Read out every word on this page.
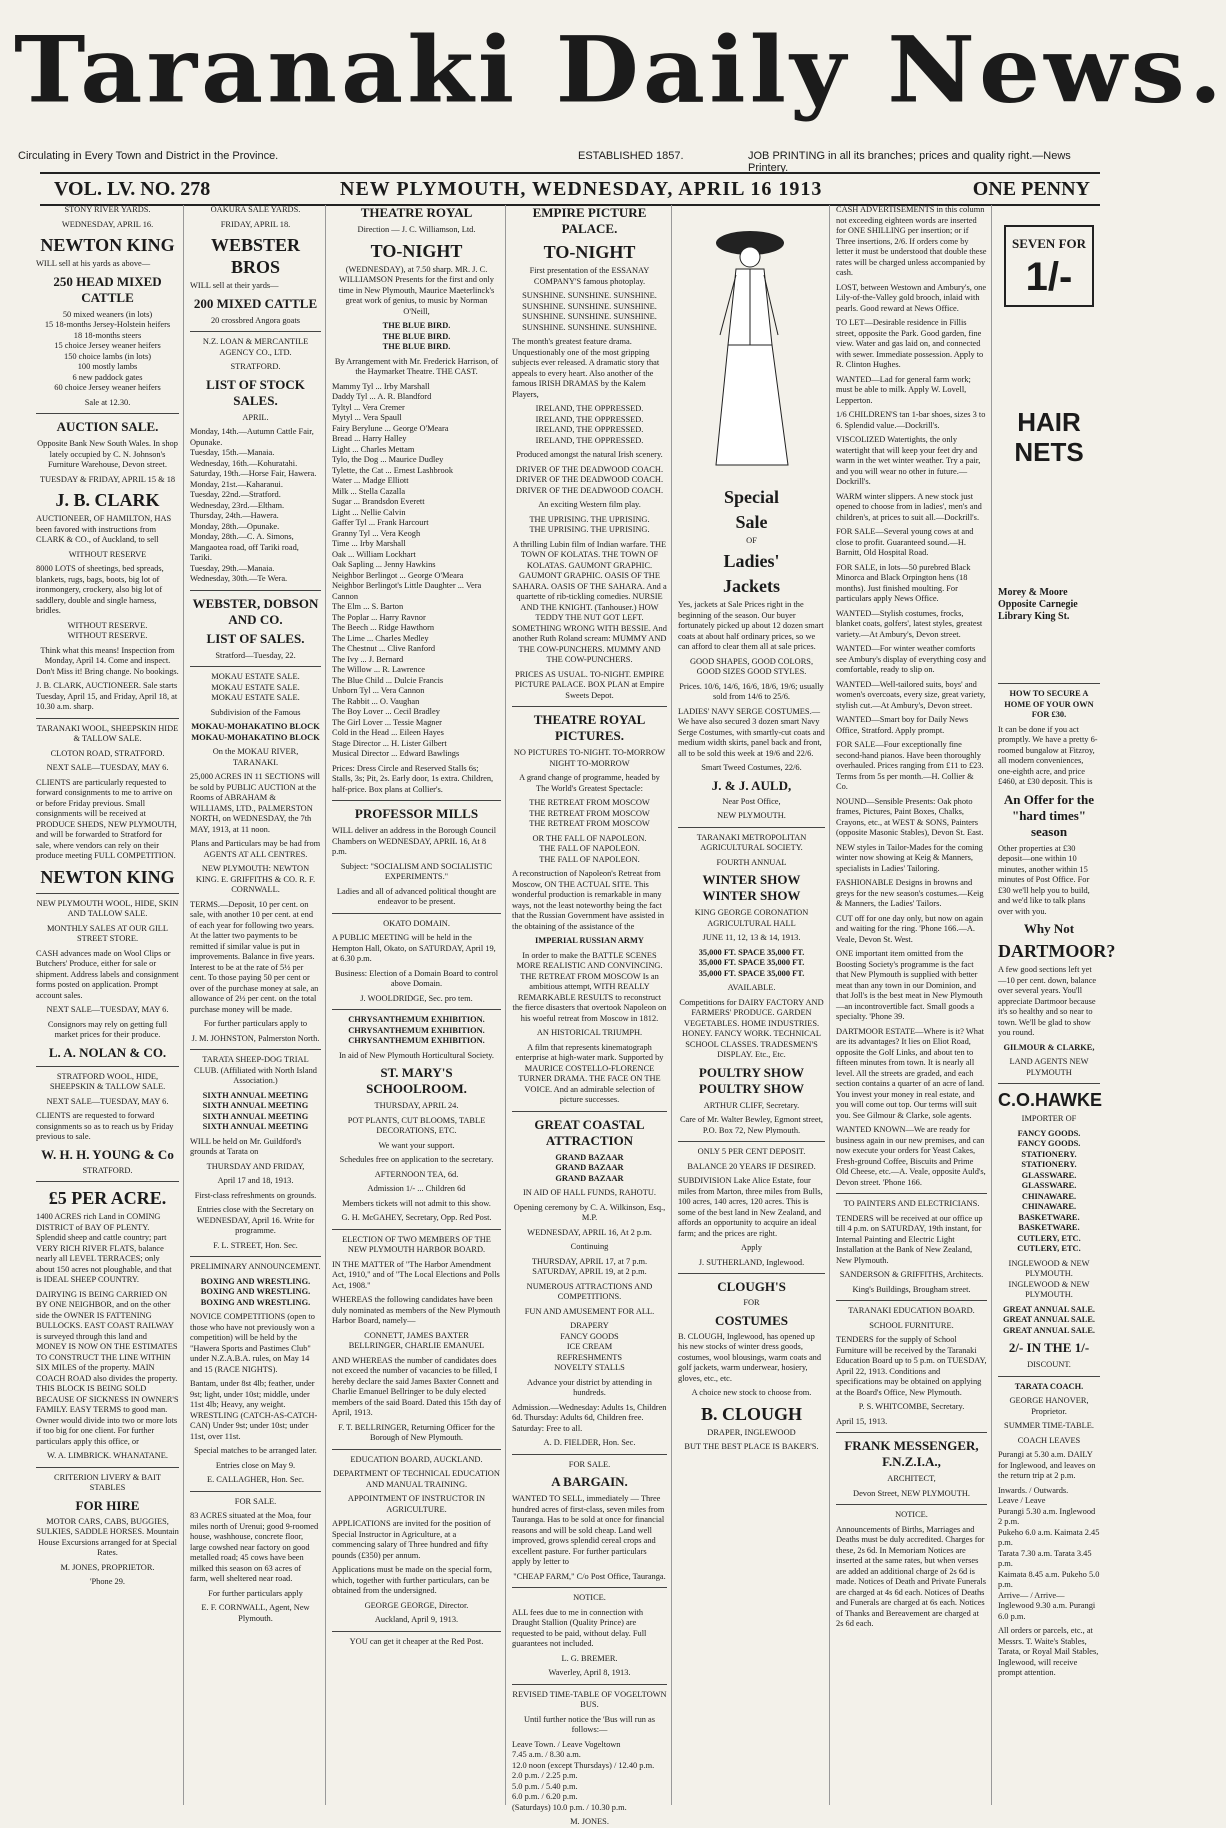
Taranaki Daily News.
Circulating in Every Town and District in the Province.	ESTABLISHED 1857.	JOB PRINTING in all its branches; prices and quality right.—News Printery.
VOL. LV. NO. 278	NEW PLYMOUTH, WEDNESDAY, APRIL 16 1913	ONE PENNY

STONY RIVER YARDS.

WEDNESDAY, APRIL 16.

NEWTON KING

WILL sell at his yards as above—

250 HEAD MIXED CATTLE

50 mixed weaners (in lots)
15 18-months Jersey-Holstein heifers
18 18-months steers
15 choice Jersey weaner heifers
150 choice lambs (in lots)
100 mostly lambs
6 new paddock gates
60 choice Jersey weaner heifers

Sale at 12.30.

AUCTION SALE.

Opposite Bank New South Wales. In shop lately occupied by C. N. Johnson's Furniture Warehouse, Devon street.

TUESDAY & FRIDAY, APRIL 15 & 18

J. B. CLARK

AUCTIONEER, OF HAMILTON, HAS been favored with instructions from CLARK & CO., of Auckland, to sell

WITHOUT RESERVE

8000 LOTS of sheetings, bed spreads, blankets, rugs, bags, boots, big lot of ironmongery, crockery, also big lot of saddlery, double and single harness, bridles.

WITHOUT RESERVE.
WITHOUT RESERVE.

Think what this means! Inspection from Monday, April 14. Come and inspect. Don't Miss it! Bring change. No bookings.

J. B. CLARK, AUCTIONEER. Sale starts Tuesday, April 15, and Friday, April 18, at 10.30 a.m. sharp.

TARANAKI WOOL, SHEEPSKIN HIDE & TALLOW SALE.

CLOTON ROAD, STRATFORD.

NEXT SALE—TUESDAY, MAY 6.

CLIENTS are particularly requested to forward consignments to me to arrive on or before Friday previous. Small consignments will be received at PRODUCE SHEDS, NEW PLYMOUTH, and will be forwarded to Stratford for sale, where vendors can rely on their produce meeting FULL COMPETITION.

NEWTON KING

NEW PLYMOUTH WOOL, HIDE, SKIN AND TALLOW SALE.

MONTHLY SALES AT OUR GILL STREET STORE.

CASH advances made on Wool Clips or Butchers' Produce, either for sale or shipment. Address labels and consignment forms posted on application. Prompt account sales.

NEXT SALE—TUESDAY, MAY 6.

Consignors may rely on getting full market prices for their produce.

L. A. NOLAN & CO.

STRATFORD WOOL, HIDE, SHEEPSKIN & TALLOW SALE.

NEXT SALE—TUESDAY, MAY 6.

CLIENTS are requested to forward consignments so as to reach us by Friday previous to sale.

W. H. H. YOUNG & Co

STRATFORD.

£5 PER ACRE.

1400 ACRES rich Land in COMING DISTRICT of BAY OF PLENTY. Splendid sheep and cattle country; part VERY RICH RIVER FLATS, balance nearly all LEVEL TERRACES; only about 150 acres not ploughable, and that is IDEAL SHEEP COUNTRY.

DAIRYING IS BEING CARRIED ON BY ONE NEIGHBOR, and on the other side the OWNER IS FATTENING BULLOCKS. EAST COAST RAILWAY is surveyed through this land and MONEY IS NOW ON THE ESTIMATES TO CONSTRUCT THE LINE WITHIN SIX MILES of the property. MAIN COACH ROAD also divides the property. THIS BLOCK IS BEING SOLD BECAUSE OF SICKNESS IN OWNER'S FAMILY. EASY TERMS to good man. Owner would divide into two or more lots if too big for one client. For further particulars apply this office, or

W. A. LIMBRICK. WHANATANE.

CRITERION LIVERY & BAIT STABLES

FOR HIRE

MOTOR CARS, CABS, BUGGIES, SULKIES, SADDLE HORSES. Mountain House Excursions arranged for at Special Rates.

M. JONES, PROPRIETOR.

'Phone 29.

OAKURA SALE YARDS.

FRIDAY, APRIL 18.

WEBSTER BROS

WILL sell at their yards—

200 MIXED CATTLE

20 crossbred Angora goats

N.Z. LOAN & MERCANTILE AGENCY CO., LTD.

STRATFORD.

LIST OF STOCK SALES.

APRIL.

Monday, 14th.—Autumn Cattle Fair, Opunake.
Tuesday, 15th.—Manaia.
Wednesday, 16th.—Kohuratahi.
Saturday, 19th.—Horse Fair, Hawera.
Monday, 21st.—Kaharanui.
Tuesday, 22nd.—Stratford.
Wednesday, 23rd.—Eltham.
Thursday, 24th.—Hawera.
Monday, 28th.—Opunake.
Monday, 28th.—C. A. Simons, Mangaotea road, off Tariki road, Tariki.
Tuesday, 29th.—Manaia.
Wednesday, 30th.—Te Wera.

WEBSTER, DOBSON AND CO.

LIST OF SALES.

Stratford—Tuesday, 22.

MOKAU ESTATE SALE.
MOKAU ESTATE SALE.
MOKAU ESTATE SALE.

Subdivision of the Famous

MOKAU-MOHAKATINO BLOCK
MOKAU-MOHAKATINO BLOCK

On the MOKAU RIVER, TARANAKI.

25,000 ACRES IN 11 SECTIONS will be sold by PUBLIC AUCTION at the Rooms of ABRAHAM & WILLIAMS, LTD., PALMERSTON NORTH, on WEDNESDAY, the 7th MAY, 1913, at 11 noon.

Plans and Particulars may be had from AGENTS AT ALL CENTRES.

NEW PLYMOUTH: NEWTON KING. E. GRIFFITHS & CO. R. F. CORNWALL.

TERMS.—Deposit, 10 per cent. on sale, with another 10 per cent. at end of each year for following two years. At the latter two payments to be remitted if similar value is put in improvements. Balance in five years. Interest to be at the rate of 5½ per cent. To those paying 50 per cent or over of the purchase money at sale, an allowance of 2½ per cent. on the total purchase money will be made.

For further particulars apply to

J. M. JOHNSTON, Palmerston North.

TARATA SHEEP-DOG TRIAL CLUB. (Affiliated with North Island Association.)

SIXTH ANNUAL MEETING
SIXTH ANNUAL MEETING
SIXTH ANNUAL MEETING
SIXTH ANNUAL MEETING

WILL be held on Mr. Guildford's grounds at Tarata on

THURSDAY AND FRIDAY,

April 17 and 18, 1913.

First-class refreshments on grounds.

Entries close with the Secretary on WEDNESDAY, April 16. Write for programme.

F. L. STREET, Hon. Sec.

PRELIMINARY ANNOUNCEMENT.

BOXING AND WRESTLING.
BOXING AND WRESTLING.
BOXING AND WRESTLING.

NOVICE COMPETITIONS (open to those who have not previously won a competition) will be held by the "Hawera Sports and Pastimes Club" under N.Z.A.B.A. rules, on May 14 and 15 (RACE NIGHTS).

Bantam, under 8st 4lb; feather, under 9st; light, under 10st; middle, under 11st 4lb; Heavy, any weight. WRESTLING (CATCH-AS-CATCH-CAN) Under 9st; under 10st; under 11st, over 11st.

Special matches to be arranged later.

Entries close on May 9.

E. CALLAGHER, Hon. Sec.

FOR SALE.

83 ACRES situated at the Moa, four miles north of Urenui; good 9-roomed house, washhouse, concrete floor, large cowshed near factory on good metalled road; 45 cows have been milked this season on 63 acres of farm, well sheltered near road.

For further particulars apply

E. F. CORNWALL, Agent, New Plymouth.

THEATRE ROYAL

Direction — J. C. Williamson, Ltd.

TO-NIGHT

(WEDNESDAY), at 7.50 sharp. MR. J. C. WILLIAMSON Presents for the first and only time in New Plymouth, Maurice Maeterlinck's great work of genius, to music by Norman O'Neill,

THE BLUE BIRD.
THE BLUE BIRD.
THE BLUE BIRD.

By Arrangement with Mr. Frederick Harrison, of the Haymarket Theatre. THE CAST.

Mammy Tyl ... Irby Marshall
Daddy Tyl ... A. R. Blandford
Tyltyl ... Vera Cremer
Mytyl ... Vera Spaull
Fairy Berylune ... George O'Meara
Bread ... Harry Halley
Light ... Charles Mettam
Tylo, the Dog ... Maurice Dudley
Tylette, the Cat ... Ernest Lashbrook
Water ... Madge Elliott
Milk ... Stella Cazalla
Sugar ... Brandsdon Everett
Light ... Nellie Calvin
Gaffer Tyl ... Frank Harcourt
Granny Tyl ... Vera Keogh
Time ... Irby Marshall
Oak ... William Lockhart
Oak Sapling ... Jenny Hawkins
Neighbor Berlingot ... George O'Meara
Neighbor Berlingot's Little Daughter ... Vera Cannon
The Elm ... S. Barton
The Poplar ... Harry Ravnor
The Beech ... Ridge Hawthorn
The Lime ... Charles Medley
The Chestnut ... Clive Ranford
The Ivy ... J. Bernard
The Willow ... R. Lawrence
The Blue Child ... Dulcie Francis
Unborn Tyl ... Vera Cannon
The Rabbit ... O. Vaughan
The Boy Lover ... Cecil Bradley
The Girl Lover ... Tessie Magner
Cold in the Head ... Eileen Hayes
Stage Director ... H. Lister Gilbert
Musical Director ... Edward Bawlings

Prices: Dress Circle and Reserved Stalls 6s; Stalls, 3s; Pit, 2s. Early door, 1s extra. Children, half-price. Box plans at Collier's.

PROFESSOR MILLS

WILL deliver an address in the Borough Council Chambers on WEDNESDAY, APRIL 16, At 8 p.m.

Subject: "SOCIALISM AND SOCIALISTIC EXPERIMENTS."

Ladies and all of advanced political thought are endeavor to be present.

OKATO DOMAIN.

A PUBLIC MEETING will be held in the Hempton Hall, Okato, on SATURDAY, April 19, at 6.30 p.m.

Business: Election of a Domain Board to control above Domain.

J. WOOLDRIDGE, Sec. pro tem.

CHRYSANTHEMUM EXHIBITION.
CHRYSANTHEMUM EXHIBITION.
CHRYSANTHEMUM EXHIBITION.

In aid of New Plymouth Horticultural Society.

ST. MARY'S SCHOOLROOM.

THURSDAY, APRIL 24.

POT PLANTS, CUT BLOOMS, TABLE DECORATIONS, ETC.

We want your support.

Schedules free on application to the secretary.

AFTERNOON TEA, 6d.

Admission 1/- ... Children 6d

Members tickets will not admit to this show.

G. H. McGAHEY, Secretary, Opp. Red Post.

ELECTION OF TWO MEMBERS OF THE NEW PLYMOUTH HARBOR BOARD.

IN THE MATTER of "The Harbor Amendment Act, 1910," and of "The Local Elections and Polls Act, 1908."

WHEREAS the following candidates have been duly nominated as members of the New Plymouth Harbor Board, namely—

CONNETT, JAMES BAXTER
BELLRINGER, CHARLIE EMANUEL

AND WHEREAS the number of candidates does not exceed the number of vacancies to be filled, I hereby declare the said James Baxter Connett and Charlie Emanuel Bellringer to be duly elected members of the said Board. Dated this 15th day of April, 1913.

F. T. BELLRINGER, Returning Officer for the Borough of New Plymouth.

EDUCATION BOARD, AUCKLAND.

DEPARTMENT OF TECHNICAL EDUCATION AND MANUAL TRAINING.

APPOINTMENT OF INSTRUCTOR IN AGRICULTURE.

APPLICATIONS are invited for the position of Special Instructor in Agriculture, at a commencing salary of Three hundred and fifty pounds (£350) per annum.

Applications must be made on the special form, which, together with further particulars, can be obtained from the undersigned.

GEORGE GEORGE, Director.

Auckland, April 9, 1913.

YOU can get it cheaper at the Red Post.

EMPIRE PICTURE PALACE.

TO-NIGHT

First presentation of the ESSANAY COMPANY'S famous photoplay.

SUNSHINE. SUNSHINE. SUNSHINE.
SUNSHINE. SUNSHINE. SUNSHINE.
SUNSHINE. SUNSHINE. SUNSHINE.
SUNSHINE. SUNSHINE. SUNSHINE.

The month's greatest feature drama. Unquestionably one of the most gripping subjects ever released. A dramatic story that appeals to every heart. Also another of the famous IRISH DRAMAS by the Kalem Players,

IRELAND, THE OPPRESSED.
IRELAND, THE OPPRESSED.
IRELAND, THE OPPRESSED.
IRELAND, THE OPPRESSED.

Produced amongst the natural Irish scenery.

DRIVER OF THE DEADWOOD COACH.
DRIVER OF THE DEADWOOD COACH.
DRIVER OF THE DEADWOOD COACH.

An exciting Western film play.

THE UPRISING. THE UPRISING.
THE UPRISING. THE UPRISING.

A thrilling Lubin film of Indian warfare. THE TOWN OF KOLATAS. THE TOWN OF KOLATAS. GAUMONT GRAPHIC. GAUMONT GRAPHIC. OASIS OF THE SAHARA. OASIS OF THE SAHARA. And a quartette of rib-tickling comedies. NURSIE AND THE KNIGHT. (Tanhouser.) HOW TEDDY THE NUT GOT LEFT. SOMETHING WRONG WITH BESSIE. And another Ruth Roland scream: MUMMY AND THE COW-PUNCHERS. MUMMY AND THE COW-PUNCHERS.

PRICES AS USUAL. TO-NIGHT. EMPIRE PICTURE PALACE. BOX PLAN at Empire Sweets Depot.

THEATRE ROYAL PICTURES.

NO PICTURES TO-NIGHT. TO-MORROW NIGHT TO-MORROW

A grand change of programme, headed by The World's Greatest Spectacle:

THE RETREAT FROM MOSCOW
THE RETREAT FROM MOSCOW
THE RETREAT FROM MOSCOW

OR THE FALL OF NAPOLEON.
THE FALL OF NAPOLEON.
THE FALL OF NAPOLEON.

A reconstruction of Napoleon's Retreat from Moscow, ON THE ACTUAL SITE. This wonderful production is remarkable in many ways, not the least noteworthy being the fact that the Russian Government have assisted in the obtaining of the assistance of the

IMPERIAL RUSSIAN ARMY

In order to make the BATTLE SCENES MORE REALISTIC AND CONVINCING. THE RETREAT FROM MOSCOW Is an ambitious attempt, WITH REALLY REMARKABLE RESULTS to reconstruct the fierce disasters that overtook Napoleon on his woeful retreat from Moscow in 1812.

AN HISTORICAL TRIUMPH.

A film that represents kinematograph enterprise at high-water mark. Supported by MAURICE COSTELLO-FLORENCE TURNER DRAMA. THE FACE ON THE VOICE. And an admirable selection of picture successes.

GREAT COASTAL ATTRACTION

GRAND BAZAAR
GRAND BAZAAR
GRAND BAZAAR

IN AID OF HALL FUNDS, RAHOTU.

Opening ceremony by C. A. Wilkinson, Esq., M.P.

WEDNESDAY, APRIL 16, At 2 p.m.

Continuing

THURSDAY, APRIL 17, at 7 p.m. SATURDAY, APRIL 19, at 2 p.m.

NUMEROUS ATTRACTIONS AND COMPETITIONS.

FUN AND AMUSEMENT FOR ALL.

DRAPERY
FANCY GOODS
ICE CREAM
REFRESHMENTS
NOVELTY STALLS

Advance your district by attending in hundreds.

Admission.—Wednesday: Adults 1s, Children 6d. Thursday: Adults 6d, Children free. Saturday: Free to all.

A. D. FIELDER, Hon. Sec.

FOR SALE.

A BARGAIN.

WANTED TO SELL, immediately — Three hundred acres of first-class, seven miles from Tauranga. Has to be sold at once for financial reasons and will be sold cheap. Land well improved, grows splendid cereal crops and excellent pasture. For further particulars apply by letter to

"CHEAP FARM," C/o Post Office, Tauranga.

NOTICE.

ALL fees due to me in connection with Draught Stallion (Quality Prince) are requested to be paid, without delay. Full guarantees not included.

L. G. BREMER.

Waverley, April 8, 1913.

REVISED TIME-TABLE OF VOGELTOWN BUS.

Until further notice the 'Bus will run as follows:—

Leave Town. / Leave Vogeltown
7.45 a.m. / 8.30 a.m.
12.0 noon (except Thursdays) / 12.40 p.m.
2.0 p.m. / 2.25 p.m.
5.0 p.m. / 5.40 p.m.
6.0 p.m. / 6.20 p.m.
(Saturdays) 10.0 p.m. / 10.30 p.m.

M. JONES.

Special
Sale

OF

Ladies'
Jackets

Yes, jackets at Sale Prices right in the beginning of the season. Our buyer fortunately picked up about 12 dozen smart coats at about half ordinary prices, so we can afford to clear them all at sale prices.

GOOD SHAPES, GOOD COLORS, GOOD SIZES GOOD STYLES.

Prices. 10/6, 14/6, 16/6, 18/6, 19/6; usually sold from 14/6 to 25/6.

LADIES' NAVY SERGE COSTUMES.—We have also secured 3 dozen smart Navy Serge Costumes, with smartly-cut coats and medium width skirts, panel back and front, all to be sold this week at 19/6 and 22/6.

Smart Tweed Costumes, 22/6.

J. & J. AULD,

Near Post Office,

NEW PLYMOUTH.

TARANAKI METROPOLITAN AGRICULTURAL SOCIETY.

FOURTH ANNUAL

WINTER SHOW
WINTER SHOW

KING GEORGE CORONATION AGRICULTURAL HALL

JUNE 11, 12, 13 & 14, 1913.

35,000 FT. SPACE 35,000 FT.
35,000 FT. SPACE 35,000 FT.
35,000 FT. SPACE 35,000 FT.

AVAILABLE.

Competitions for DAIRY FACTORY AND FARMERS' PRODUCE. GARDEN VEGETABLES. HOME INDUSTRIES. HONEY. FANCY WORK. TECHNICAL SCHOOL CLASSES. TRADESMEN'S DISPLAY. Etc., Etc.

POULTRY SHOW
POULTRY SHOW

ARTHUR CLIFF, Secretary.

Care of Mr. Walter Bewley, Egmont street, P.O. Box 72, New Plymouth.

ONLY 5 PER CENT DEPOSIT.

BALANCE 20 YEARS IF DESIRED.

SUBDIVISION Lake Alice Estate, four miles from Marton, three miles from Bulls, 100 acres, 140 acres, 120 acres. This is some of the best land in New Zealand, and affords an opportunity to acquire an ideal farm; and the prices are right.

Apply

J. SUTHERLAND, Inglewood.

CLOUGH'S

FOR

COSTUMES

B. CLOUGH, Inglewood, has opened up his new stocks of winter dress goods, costumes, wool blousings, warm coats and golf jackets, warm underwear, hosiery, gloves, etc., etc.

A choice new stock to choose from.

B. CLOUGH

DRAPER, INGLEWOOD

BUT THE BEST PLACE IS BAKER'S.

CASH ADVERTISEMENTS in this column not exceeding eighteen words are inserted for ONE SHILLING per insertion; or if Three insertions, 2/6. If orders come by letter it must be understood that double these rates will be charged unless accompanied by cash.

LOST, between Westown and Ambury's, one Lily-of-the-Valley gold brooch, inlaid with pearls. Good reward at News Office.

TO LET—Desirable residence in Fillis street, opposite the Park. Good garden, fine view. Water and gas laid on, and connected with sewer. Immediate possession. Apply to R. Clinton Hughes.

WANTED—Lad for general farm work; must be able to milk. Apply W. Lovell, Lepperton.

1/6 CHILDREN'S tan 1-bar shoes, sizes 3 to 6. Splendid value.—Dockrill's.

VISCOLIZED Watertights, the only watertight that will keep your feet dry and warm in the wet winter weather. Try a pair, and you will wear no other in future.—Dockrill's.

WARM winter slippers. A new stock just opened to choose from in ladies', men's and children's, at prices to suit all.—Dockrill's.

FOR SALE—Several young cows at and close to profit. Guaranteed sound.—H. Barnitt, Old Hospital Road.

FOR SALE, in lots—50 purebred Black Minorca and Black Orpington hens (18 months). Just finished moulting. For particulars apply News Office.

WANTED—Stylish costumes, frocks, blanket coats, golfers', latest styles, greatest variety.—At Ambury's, Devon street.

WANTED—For winter weather comforts see Ambury's display of everything cosy and comfortable, ready to slip on.

WANTED—Well-tailored suits, boys' and women's overcoats, every size, great variety, stylish cut.—At Ambury's, Devon street.

WANTED—Smart boy for Daily News Office, Stratford. Apply prompt.

FOR SALE—Four exceptionally fine second-hand pianos. Have been thoroughly overhauled. Prices ranging from £11 to £23. Terms from 5s per month.—H. Collier & Co.

NOUND—Sensible Presents: Oak photo frames, Pictures, Paint Boxes, Chalks, Crayons, etc., at WEST & SONS, Painters (opposite Masonic Stables), Devon St. East.

NEW styles in Tailor-Mades for the coming winter now showing at Keig & Manners, specialists in Ladies' Tailoring.

FASHIONABLE Designs in browns and greys for the new season's costumes.—Keig & Manners, the Ladies' Tailors.

CUT off for one day only, but now on again and waiting for the ring. 'Phone 166.—A. Veale, Devon St. West.

ONE important item omitted from the Boosting Society's programme is the fact that New Plymouth is supplied with better meat than any town in our Dominion, and that Joll's is the best meat in New Plymouth—an incontrovertible fact. Small goods a specialty. 'Phone 39.

DARTMOOR ESTATE—Where is it? What are its advantages? It lies on Eliot Road, opposite the Golf Links, and about ten to fifteen minutes from town. It is nearly all level. All the streets are graded, and each section contains a quarter of an acre of land. You invest your money in real estate, and you will come out top. Our terms will suit you. See Gilmour & Clarke, sole agents.

WANTED KNOWN—We are ready for business again in our new premises, and can now execute your orders for Yeast Cakes, Fresh-ground Coffee, Biscuits and Prime Old Cheese, etc.—A. Veale, opposite Auld's, Devon street. 'Phone 166.

TO PAINTERS AND ELECTRICIANS.

TENDERS will be received at our office up till 4 p.m. on SATURDAY, 19th instant, for Internal Painting and Electric Light Installation at the Bank of New Zealand, New Plymouth.

SANDERSON & GRIFFITHS, Architects.

King's Buildings, Brougham street.

TARANAKI EDUCATION BOARD.

SCHOOL FURNITURE.

TENDERS for the supply of School Furniture will be received by the Taranaki Education Board up to 5 p.m. on TUESDAY, April 22, 1913. Conditions and specifications may be obtained on applying at the Board's Office, New Plymouth.

P. S. WHITCOMBE, Secretary.

April 15, 1913.

FRANK MESSENGER, F.N.Z.I.A.,

ARCHITECT,

Devon Street, NEW PLYMOUTH.

NOTICE.

Announcements of Births, Marriages and Deaths must be duly accredited. Charges for these, 2s 6d. In Memoriam Notices are inserted at the same rates, but when verses are added an additional charge of 2s 6d is made. Notices of Death and Private Funerals are charged at 4s 6d each. Notices of Deaths and Funerals are charged at 6s each. Notices of Thanks and Bereavement are charged at 2s 6d each.

SEVEN FOR
1/-
HAIR NETS

Morey & Moore Opposite Carnegie Library King St.

HOW TO SECURE A HOME OF YOUR OWN FOR £30.

It can be done if you act promptly. We have a pretty 6-roomed bungalow at Fitzroy, all modern conveniences, one-eighth acre, and price £460, at £30 deposit. This is

An Offer for the "hard times" season

Other properties at £30 deposit—one within 10 minutes, another within 15 minutes of Post Office. For £30 we'll help you to build, and we'd like to talk plans over with you.

Why Not
DARTMOOR?

A few good sections left yet—10 per cent. down, balance over several years. You'll appreciate Dartmoor because it's so healthy and so near to town. We'll be glad to show you round.

GILMOUR & CLARKE,

LAND AGENTS NEW PLYMOUTH

C.O.HAWKE

IMPORTER OF

FANCY GOODS.
FANCY GOODS.
STATIONERY.
STATIONERY.
GLASSWARE.
GLASSWARE.
CHINAWARE.
CHINAWARE.
BASKETWARE.
BASKETWARE.
CUTLERY, ETC.
CUTLERY, ETC.

INGLEWOOD & NEW PLYMOUTH.
INGLEWOOD & NEW PLYMOUTH.

GREAT ANNUAL SALE.
GREAT ANNUAL SALE.
GREAT ANNUAL SALE.

2/- IN THE 1/-

DISCOUNT.

TARATA COACH.

GEORGE HANOVER, Proprietor.

SUMMER TIME-TABLE.

COACH LEAVES

Purangi at 5.30 a.m. DAILY for Inglewood, and leaves on the return trip at 2 p.m.

Inwards. / Outwards.
Leave / Leave
Purangi 5.30 a.m. Inglewood 2 p.m.
Pukeho 6.0 a.m. Kaimata 2.45 p.m.
Tarata 7.30 a.m. Tarata 3.45 p.m.
Kaimata 8.45 a.m. Pukeho 5.0 p.m.
Arrive— / Arrive—
Inglewood 9.30 a.m. Purangi 6.0 p.m.

All orders or parcels, etc., at Messrs. T. Waite's Stables, Tarata, or Royal Mail Stables, Inglewood, will receive prompt attention.
